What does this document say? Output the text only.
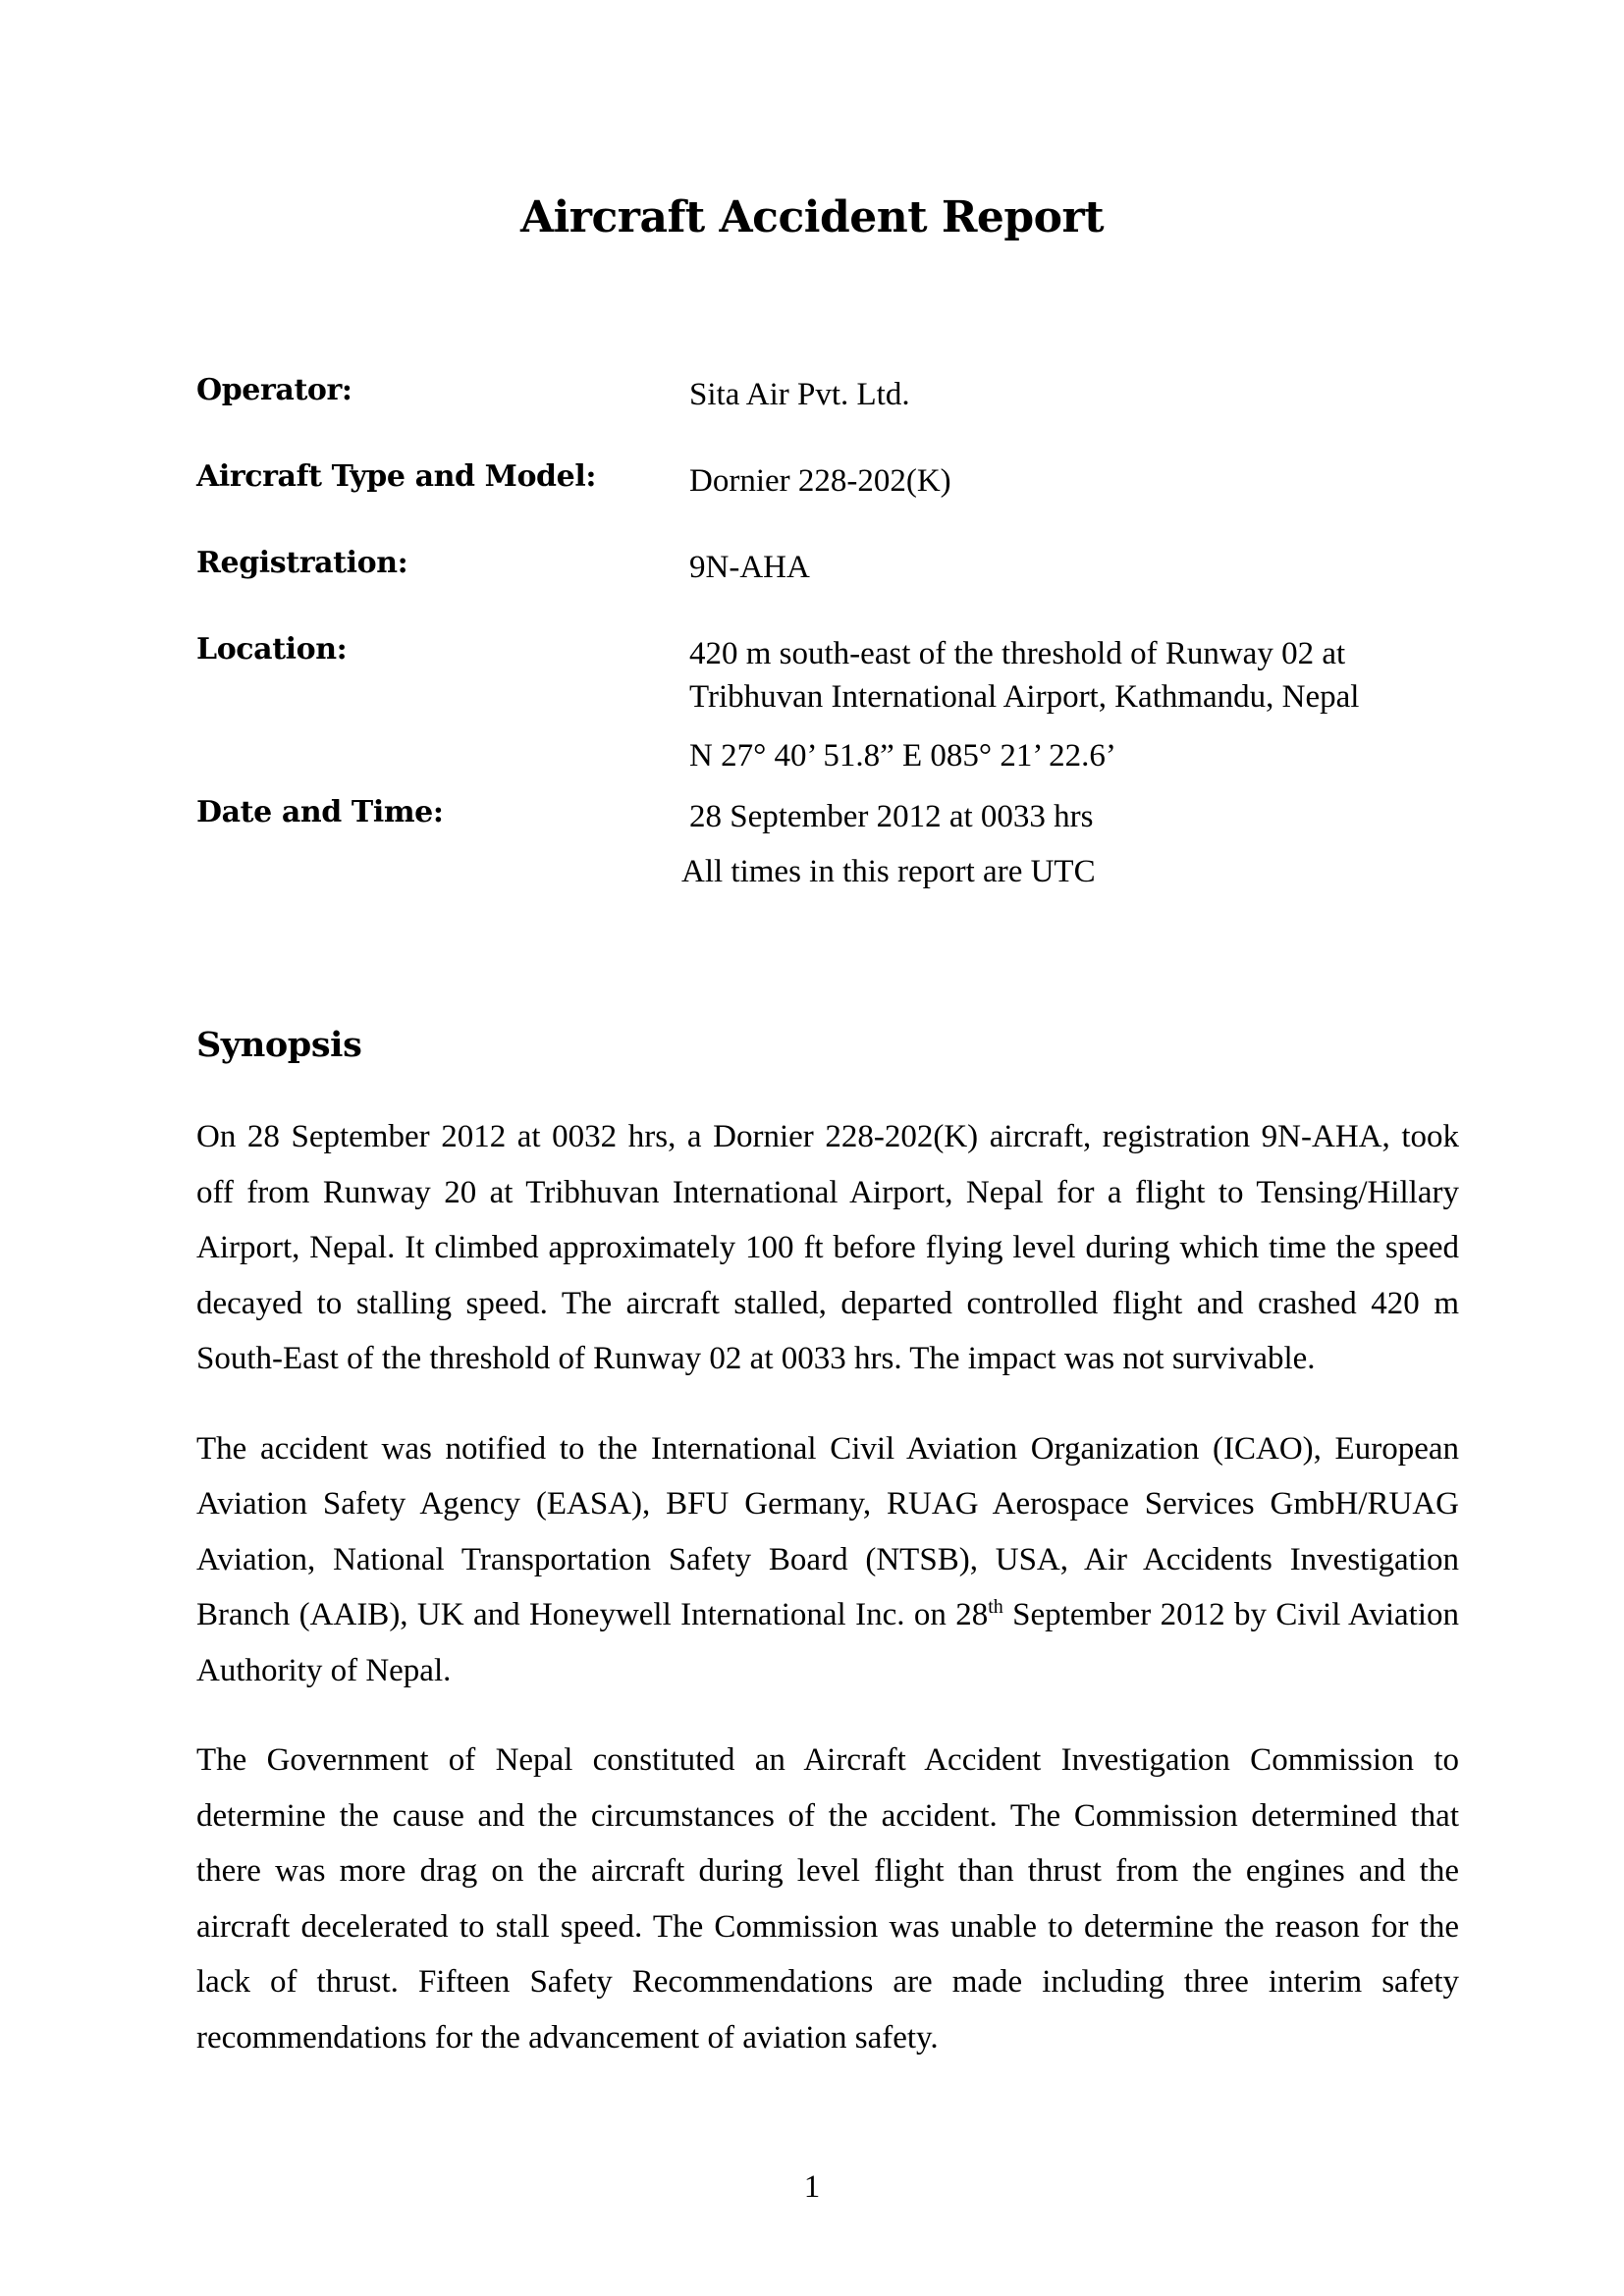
Aircraft Accident Report
Operator:	Sita Air Pvt. Ltd.

Aircraft Type and Model:	Dornier 228-202(K)

Registration:	9N-AHA

Location:	420 m south-east of the threshold of Runway 02 at

Tribhuvan International Airport, Kathmandu, Nepal

N 27° 40’ 51.8” E 085° 21’ 22.6’

Date and Time:	28 September 2012 at 0033 hrs

All times in this report are UTC

Synopsis

On 28 September 2012 at 0032 hrs, a Dornier 228-202(K) aircraft, registration 9N-AHA, took off from Runway 20 at Tribhuvan International Airport, Nepal for a flight to Tensing/Hillary Airport, Nepal. It climbed approximately 100 ft before flying level during which time the speed decayed to stalling speed. The aircraft stalled, departed controlled flight and crashed 420 m South-East of the threshold of Runway 02 at 0033 hrs. The impact was not survivable.

The accident was notified to the International Civil Aviation Organization (ICAO), European Aviation Safety Agency (EASA), BFU Germany, RUAG Aerospace Services GmbH/RUAG Aviation, National Transportation Safety Board (NTSB), USA, Air Accidents Investigation Branch (AAIB), UK and Honeywell International Inc. on 28th September 2012 by Civil Aviation Authority of Nepal.

The Government of Nepal constituted an Aircraft Accident Investigation Commission to determine the cause and the circumstances of the accident. The Commission determined that there was more drag on the aircraft during level flight than thrust from the engines and the aircraft decelerated to stall speed. The Commission was unable to determine the reason for the lack of thrust. Fifteen Safety Recommendations are made including three interim safety recommendations for the advancement of aviation safety.

1
